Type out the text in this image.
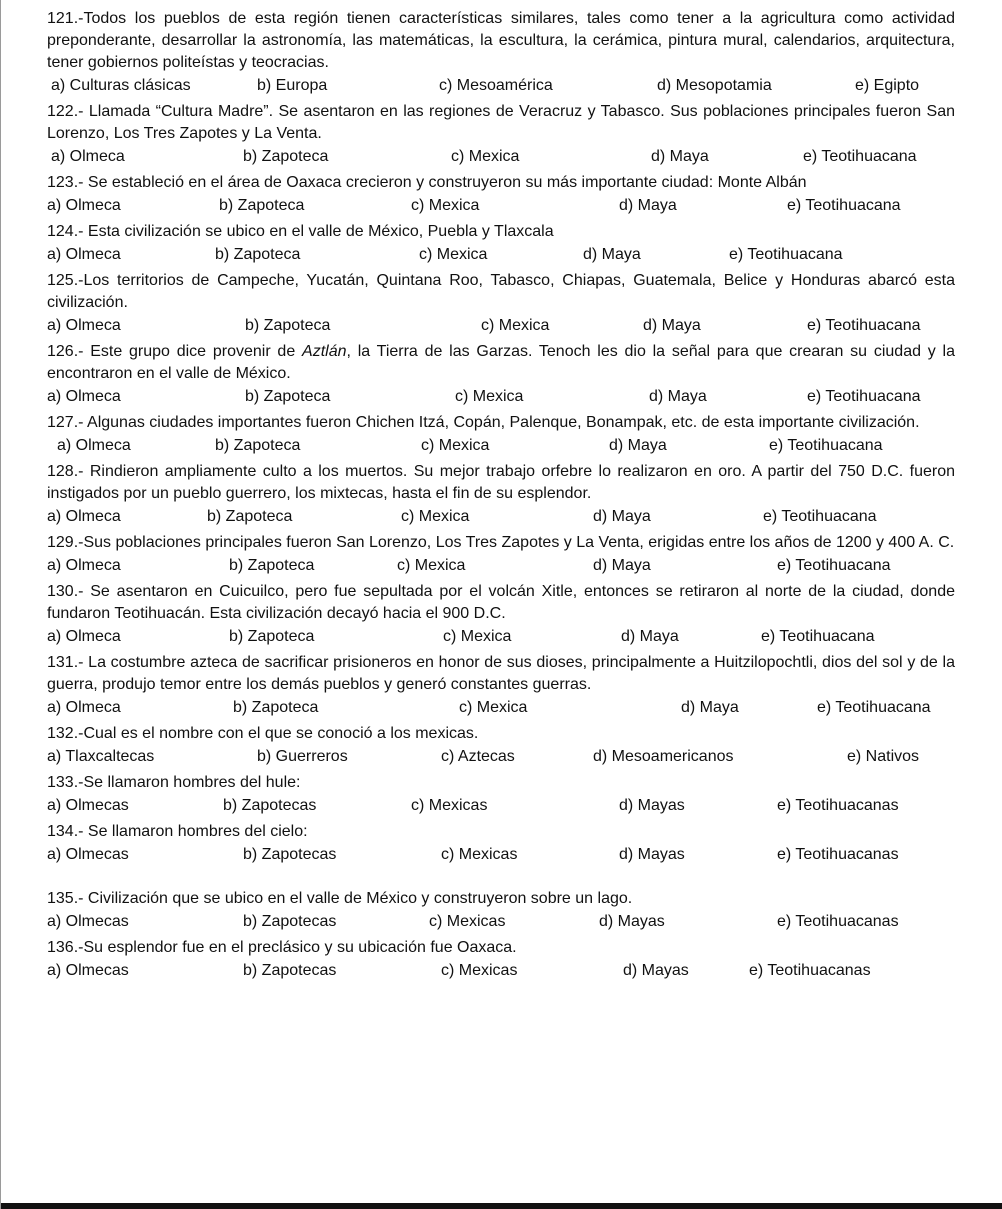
121.-Todos los pueblos de esta región tienen características similares, tales como tener a la agricultura como actividad preponderante, desarrollar la astronomía, las matemáticas, la escultura, la cerámica, pintura mural, calendarios, arquitectura, tener gobiernos politeístas y teocracias.

a) Culturas clásicas	b) Europa	c) Mesoamérica	d) Mesopotamia	e) Egipto

122.- Llamada “Cultura Madre”. Se asentaron en las regiones de Veracruz y Tabasco. Sus poblaciones principales fueron San Lorenzo, Los Tres Zapotes y La Venta.

a) Olmeca	b) Zapoteca	c) Mexica	d) Maya	e) Teotihuacana

123.- Se estableció en el área de Oaxaca crecieron y construyeron su más importante ciudad: Monte Albán

a) Olmeca	b) Zapoteca	c) Mexica	d) Maya	e) Teotihuacana

124.- Esta civilización se ubico en el valle de México, Puebla y Tlaxcala

a) Olmeca	b) Zapoteca	c) Mexica	d) Maya	e) Teotihuacana

125.-Los territorios de Campeche, Yucatán, Quintana Roo, Tabasco, Chiapas, Guatemala, Belice y Honduras abarcó esta civilización.

a) Olmeca	b) Zapoteca	c) Mexica	d) Maya	e) Teotihuacana

126.- Este grupo dice provenir de Aztlán, la Tierra de las Garzas. Tenoch les dio la señal para que crearan su ciudad y la encontraron en el valle de México.

a) Olmeca	b) Zapoteca	c) Mexica	d) Maya	e) Teotihuacana

127.- Algunas ciudades importantes fueron Chichen Itzá, Copán, Palenque, Bonampak, etc. de esta importante civilización.

a) Olmeca	b) Zapoteca	c) Mexica	d) Maya	e) Teotihuacana

128.- Rindieron ampliamente culto a los muertos. Su mejor trabajo orfebre lo realizaron en oro. A partir del 750 D.C. fueron instigados por un pueblo guerrero, los mixtecas, hasta el fin de su esplendor.

a) Olmeca	b) Zapoteca	c) Mexica	d) Maya	e) Teotihuacana

129.-Sus poblaciones principales fueron San Lorenzo, Los Tres Zapotes y La Venta, erigidas entre los años de 1200 y 400 A. C.

a) Olmeca	b) Zapoteca	c) Mexica	d) Maya	e) Teotihuacana

130.- Se asentaron en Cuicuilco, pero fue sepultada por el volcán Xitle, entonces se retiraron al norte de la ciudad, donde fundaron Teotihuacán. Esta civilización decayó hacia el 900 D.C.

a) Olmeca	b) Zapoteca	c) Mexica	d) Maya	e) Teotihuacana

131.- La costumbre azteca de sacrificar prisioneros en honor de sus dioses, principalmente a Huitzilopochtli, dios del sol y de la guerra, produjo temor entre los demás pueblos y generó constantes guerras.

a) Olmeca	b) Zapoteca	c) Mexica	d) Maya	e) Teotihuacana

132.-Cual es el nombre con el que se conoció a los mexicas.

a) Tlaxcaltecas	b) Guerreros	c) Aztecas	d) Mesoamericanos	e) Nativos

133.-Se llamaron hombres del hule:

a) Olmecas	b) Zapotecas	c) Mexicas	d) Mayas	e) Teotihuacanas

134.- Se llamaron hombres del cielo:

a) Olmecas	b) Zapotecas	c) Mexicas	d) Mayas	e) Teotihuacanas

135.- Civilización que se ubico en el valle de México y construyeron sobre un lago.

a) Olmecas	b) Zapotecas	c) Mexicas	d) Mayas	e) Teotihuacanas

136.-Su esplendor fue en el preclásico y su ubicación fue Oaxaca.

a) Olmecas	b) Zapotecas	c) Mexicas	d) Mayas	e) Teotihuacanas
